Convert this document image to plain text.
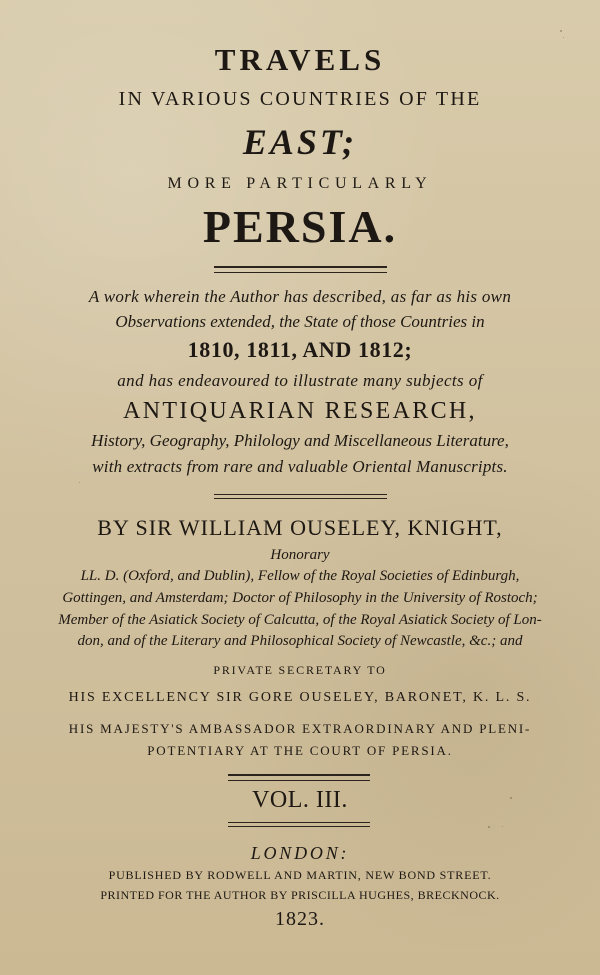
TRAVELS
IN VARIOUS COUNTRIES OF THE
EAST;
MORE PARTICULARLY
PERSIA.
A work wherein the Author has described, as far as his own
Observations extended, the State of those Countries in
1810, 1811, AND 1812;
and has endeavoured to illustrate many subjects of
ANTIQUARIAN RESEARCH,
History, Geography, Philology and Miscellaneous Literature,
with extracts from rare and valuable Oriental Manuscripts.
BY SIR WILLIAM OUSELEY, KNIGHT,
Honorary
LL. D. (Oxford, and Dublin), Fellow of the Royal Societies of Edinburgh,
Gottingen, and Amsterdam; Doctor of Philosophy in the University of Rostoch;
Member of the Asiatick Society of Calcutta, of the Royal Asiatick Society of Lon-
don, and of the Literary and Philosophical Society of Newcastle, &c.; and
PRIVATE SECRETARY TO
HIS EXCELLENCY SIR GORE OUSELEY, BARONET, K. L. S.
HIS MAJESTY'S AMBASSADOR EXTRAORDINARY AND PLENI-
POTENTIARY AT THE COURT OF PERSIA.
VOL. III.
LONDON:
PUBLISHED BY RODWELL AND MARTIN, NEW BOND STREET.
PRINTED FOR THE AUTHOR BY PRISCILLA HUGHES, BRECKNOCK.
1823.
